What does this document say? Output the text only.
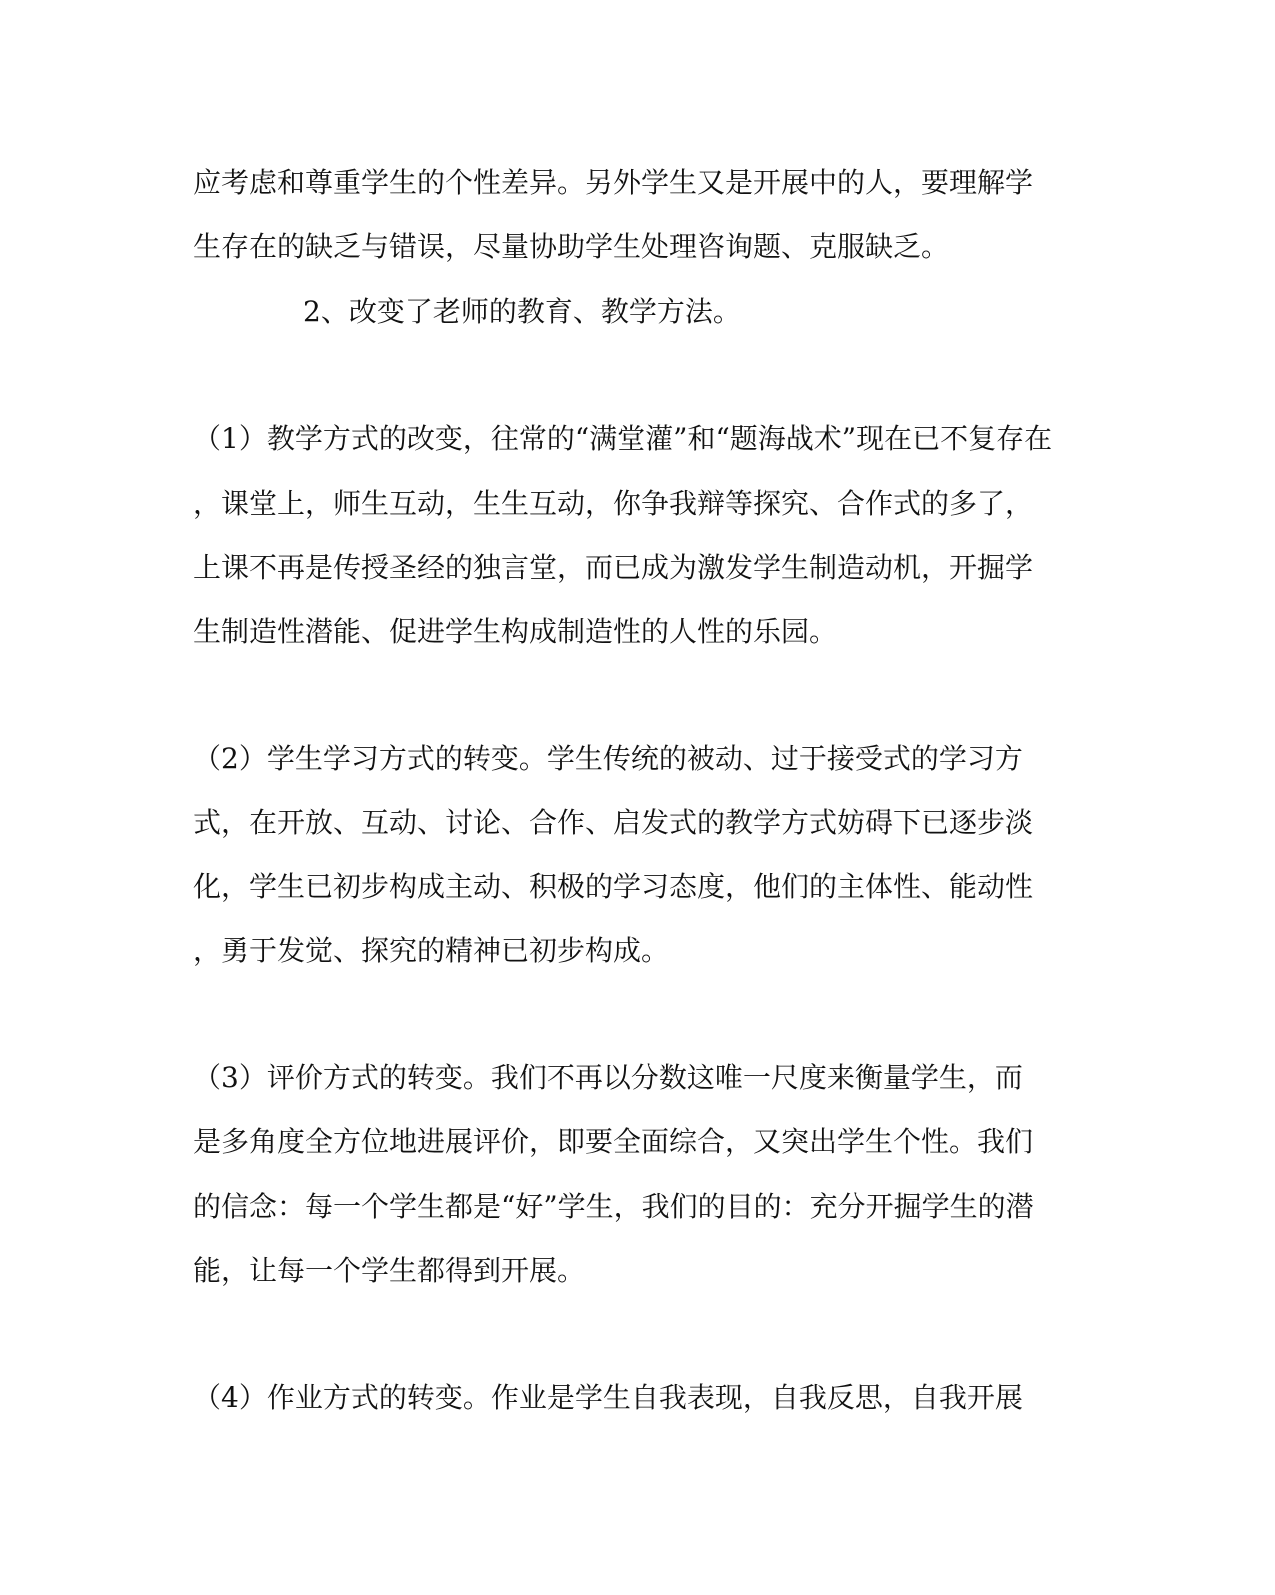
应考虑和尊重学生的个性差异。另外学生又是开展中的人，要理解学
生存在的缺乏与错误，尽量协助学生处理咨询题、克服缺乏。
2、改变了老师的教育、教学方法。
（1）教学方式的改变，往常的“满堂灌”和“题海战术”现在已不复存在
，课堂上，师生互动，生生互动，你争我辩等探究、合作式的多了，
上课不再是传授圣经的独言堂，而已成为激发学生制造动机，开掘学
生制造性潜能、促进学生构成制造性的人性的乐园。
（2）学生学习方式的转变。学生传统的被动、过于接受式的学习方
式，在开放、互动、讨论、合作、启发式的教学方式妨碍下已逐步淡
化，学生已初步构成主动、积极的学习态度，他们的主体性、能动性
，勇于发觉、探究的精神已初步构成。
（3）评价方式的转变。我们不再以分数这唯一尺度来衡量学生，而
是多角度全方位地进展评价，即要全面综合，又突出学生个性。我们
的信念：每一个学生都是“好”学生，我们的目的：充分开掘学生的潜
能，让每一个学生都得到开展。
（4）作业方式的转变。作业是学生自我表现，自我反思，自我开展
